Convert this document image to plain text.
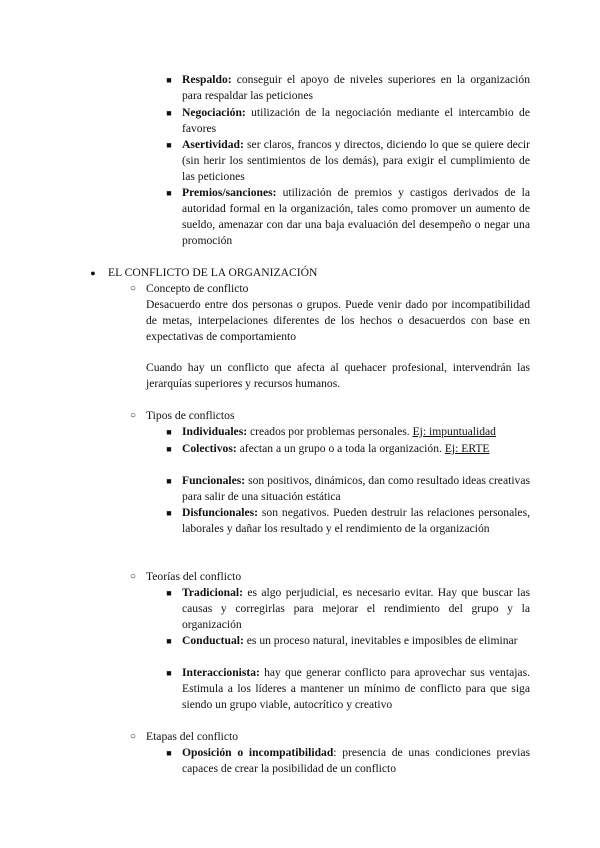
■ Respaldo: conseguir el apoyo de niveles superiores en la organización para respaldar las peticiones
■ Negociación: utilización de la negociación mediante el intercambio de favores
■ Asertividad: ser claros, francos y directos, diciendo lo que se quiere decir (sin herir los sentimientos de los demás), para exigir el cumplimiento de las peticiones
■ Premios/sanciones: utilización de premios y castigos derivados de la autoridad formal en la organización, tales como promover un aumento de sueldo, amenazar con dar una baja evaluación del desempeño o negar una promoción
●	EL CONFLICTO DE LA ORGANIZACIÓN
○ Concepto de conflicto
Desacuerdo entre dos personas o grupos. Puede venir dado por incompatibilidad de metas, interpelaciones diferentes de los hechos o desacuerdos con base en expectativas de comportamiento
Cuando hay un conflicto que afecta al quehacer profesional, intervendrán las jerarquías superiores y recursos humanos.
○ Tipos de conflictos
■ Individuales: creados por problemas personales. Ej: impuntualidad
■ Colectivos: afectan a un grupo o a toda la organización. Ej: ERTE
■ Funcionales: son positivos, dinámicos, dan como resultado ideas creativas para salir de una situación estática
■ Disfuncionales: son negativos. Pueden destruir las relaciones personales, laborales y dañar los resultado y el rendimiento de la organización
○ Teorías del conflicto
■ Tradicional: es algo perjudicial, es necesario evitar. Hay que buscar las causas y corregirlas para mejorar el rendimiento del grupo y la organización
■ Conductual: es un proceso natural, inevitables e imposibles de eliminar
■ Interaccionista: hay que generar conflicto para aprovechar sus ventajas. Estimula a los líderes a mantener un mínimo de conflicto para que siga siendo un grupo viable, autocrítico y creativo
○ Etapas del conflicto
■ Oposición o incompatibilidad: presencia de unas condiciones previas capaces de crear la posibilidad de un conflicto
